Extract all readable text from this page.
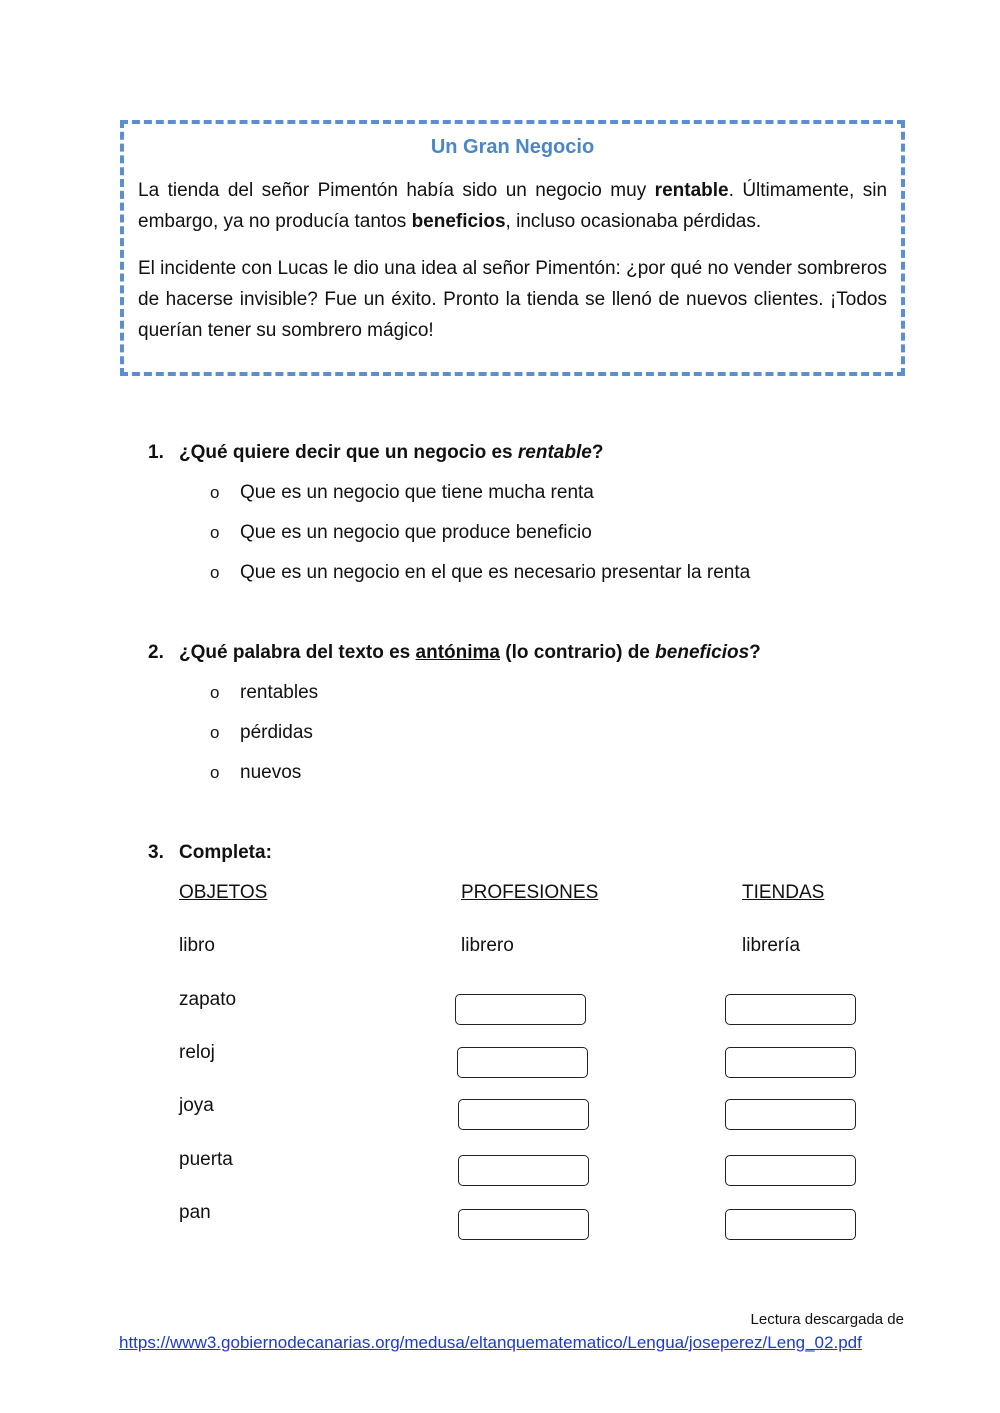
Un Gran Negocio

La tienda del señor Pimentón había sido un negocio muy rentable. Últimamente, sin embargo, ya no producía tantos beneficios, incluso ocasionaba pérdidas.

El incidente con Lucas le dio una idea al señor Pimentón: ¿por qué no vender sombreros de hacerse invisible? Fue un éxito. Pronto la tienda se llenó de nuevos clientes. ¡Todos querían tener su sombrero mágico!

1. ¿Qué quiere decir que un negocio es rentable?
o Que es un negocio que tiene mucha renta
o Que es un negocio que produce beneficio
o Que es un negocio en el que es necesario presentar la renta
2. ¿Qué palabra del texto es antónima (lo contrario) de beneficios?
o rentables
o pérdidas
o nuevos
3. Completa:
OBJETOS	PROFESIONES	TIENDAS
libro	librero	librería
zapato
reloj
joya
puerta
pan
Lectura descargada de
https://www3.gobiernodecanarias.org/medusa/eltanquematematico/Lengua/joseperez/Leng_02.pdf
